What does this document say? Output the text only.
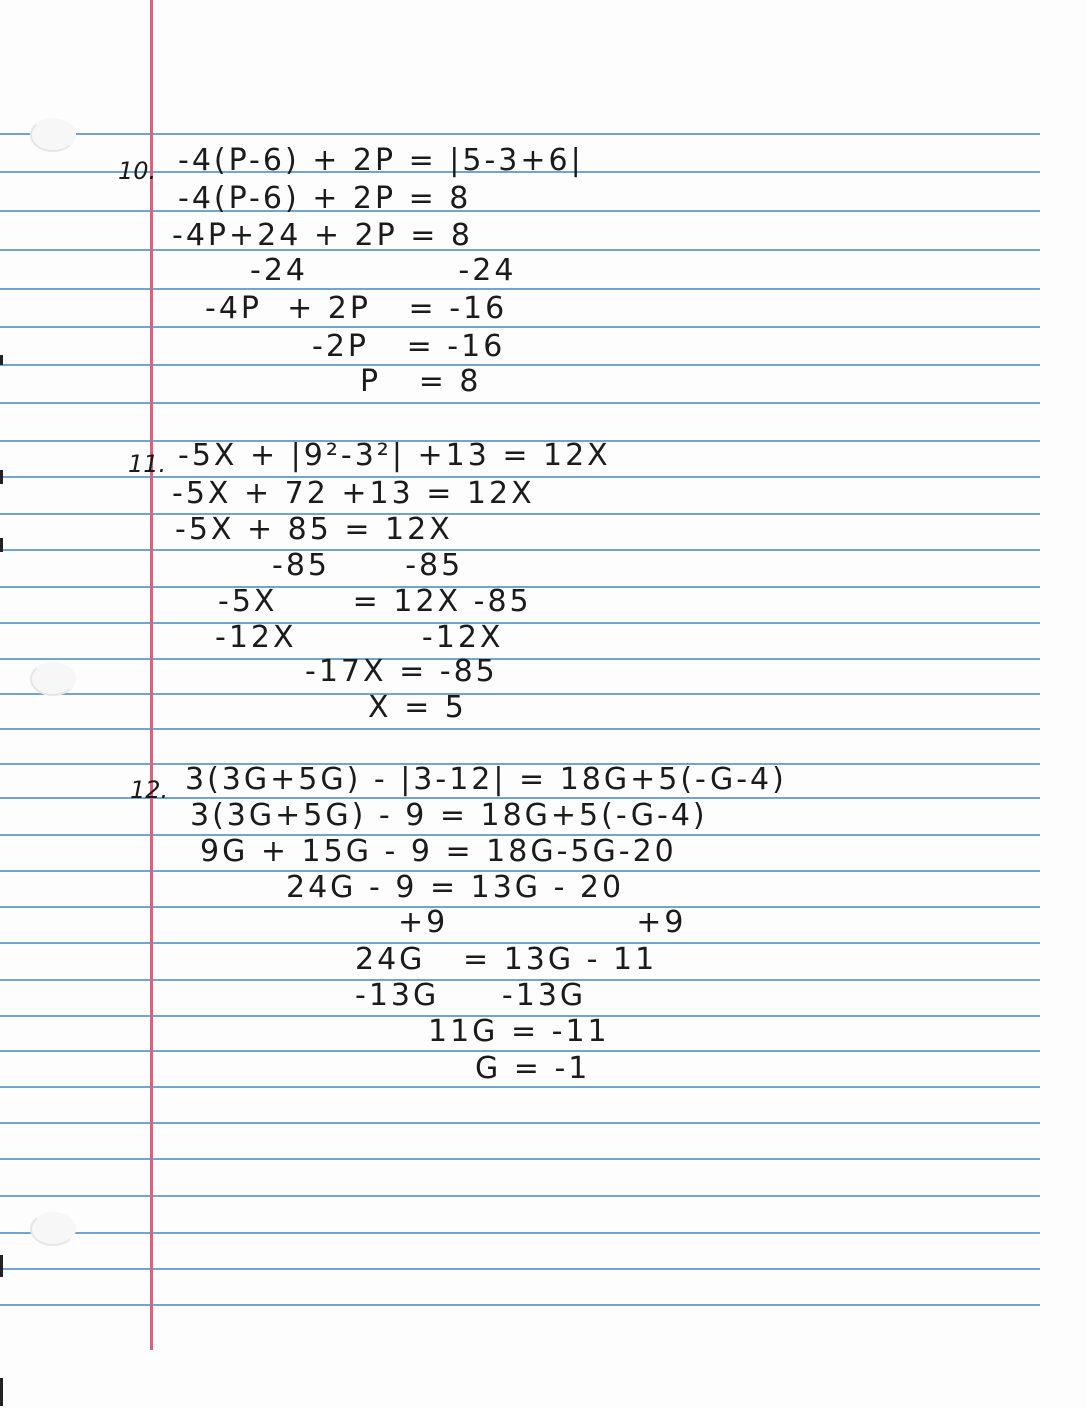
10. -4(P-6) + 2P = |5-3+6|
-4(P-6) + 2P = 8
-4P+24 + 2P = 8
-24            -24
-4P  + 2P   = -16
-2P   = -16
P   = 8
11. -5X + |9²-3²| +13 = 12X
-5X + 72 +13 = 12X
-5X + 85 = 12X
-85      -85
-5X      = 12X -85
-12X          -12X
-17X = -85
X = 5
12. 3(3G+5G) - |3-12| = 18G+5(-G-4)
3(3G+5G) - 9 = 18G+5(-G-4)
9G + 15G - 9 = 18G-5G-20
24G - 9 = 13G - 20
+9               +9
24G   = 13G - 11
-13G     -13G
11G = -11
G = -1
